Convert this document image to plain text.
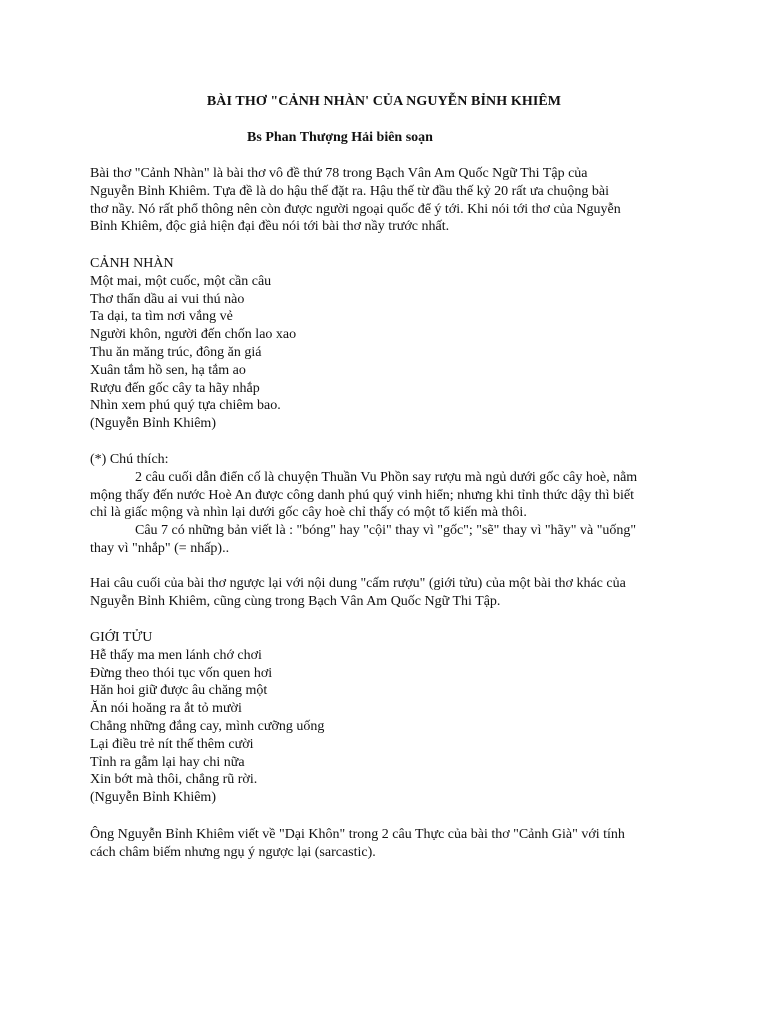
BÀI THƠ "CẢNH NHÀN' CỦA NGUYỄN BỈNH KHIÊM
Bs Phan Thượng Hải biên soạn
Bài thơ "Cảnh Nhàn" là bài thơ vô đề thứ 78 trong Bạch Vân Am Quốc Ngữ Thi Tập của
Nguyễn Bỉnh Khiêm. Tựa đề là do hậu thế đặt ra. Hậu thế từ đầu thế kỷ 20 rất ưa chuộng bài
thơ nầy. Nó rất phổ thông nên còn được người ngoại quốc để ý tới. Khi nói tới thơ của Nguyễn
Bỉnh Khiêm, độc giả hiện đại đều nói tới bài thơ nầy trước nhất.
CẢNH NHÀN
Một mai, một cuốc, một cần câu
Thơ thẩn dầu ai vui thú nào
Ta dại, ta tìm nơi vắng vẻ
Người khôn, người đến chốn lao xao
Thu ăn măng trúc, đông ăn giá
Xuân tắm hồ sen, hạ tắm ao
Rượu đến gốc cây ta hãy nhắp
Nhìn xem phú quý tựa chiêm bao.
(Nguyễn Bỉnh Khiêm)
(*) Chú thích:
2 câu cuối dẫn điển cố là chuyện Thuần Vu Phồn say rượu mà ngủ dưới gốc cây hoè, nằm
mộng thấy đến nước Hoè An được công danh phú quý vinh hiển; nhưng khi tỉnh thức dậy thì biết
chỉ là giấc mộng và nhìn lại dưới gốc cây hoè chỉ thấy có một tổ kiến mà thôi.
Câu 7 có những bản viết là : "bóng" hay "cội" thay vì "gốc"; "sẽ" thay vì "hãy" và "uống"
thay vì "nhắp" (= nhấp)..
Hai câu cuối của bài thơ ngược lại với nội dung "cấm rượu" (giới tửu) của một bài thơ khác của
Nguyễn Bỉnh Khiêm, cũng cùng trong Bạch Vân Am Quốc Ngữ Thi Tập.
GIỚI TỬU
Hễ thấy ma men lánh chớ chơi
Đừng theo thói tục vốn quen hơi
Hăn hoi giữ được âu chăng một
Ăn nói hoăng ra ắt tỏ mười
Chẳng những đắng cay, mình cưỡng uống
Lại điều trẻ nít thế thêm cười
Tỉnh ra gẫm lại hay chi nữa
Xin bớt mà thôi, chẳng rũ rời.
(Nguyễn Bỉnh Khiêm)
Ông Nguyễn Bỉnh Khiêm viết về "Dại Khôn" trong 2 câu Thực của bài thơ "Cảnh Già" với tính
cách châm biếm nhưng ngụ ý ngược lại (sarcastic).
